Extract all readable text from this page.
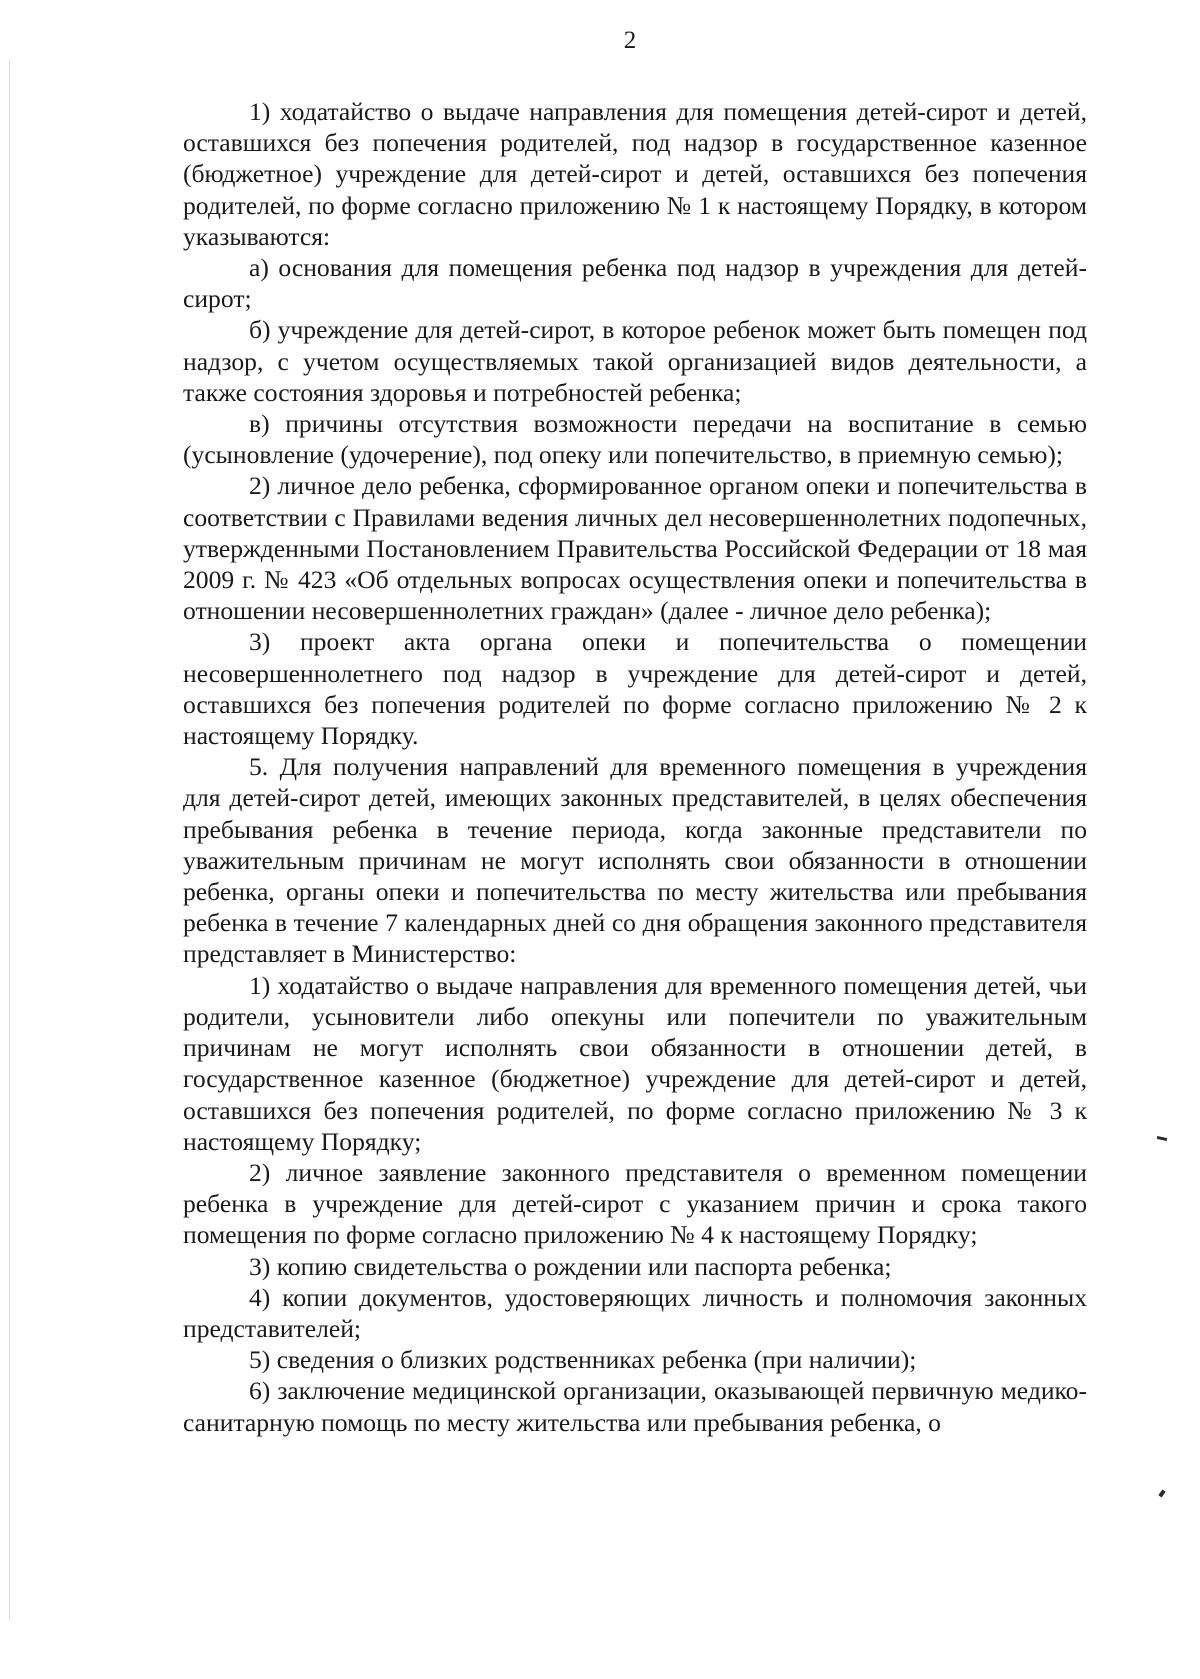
2

1) ходатайство о выдаче направления для помещения детей-сирот и детей, оставшихся без попечения родителей, под надзор в государственное казенное (бюджетное) учреждение для детей-сирот и детей, оставшихся без попечения родителей, по форме согласно приложению № 1 к настоящему Порядку, в котором указываются:

а) основания для помещения ребенка под надзор в учреждения для детей-сирот;

б) учреждение для детей-сирот, в которое ребенок может быть помещен под надзор, с учетом осуществляемых такой организацией видов деятельности, а также состояния здоровья и потребностей ребенка;

в) причины отсутствия возможности передачи на воспитание в семью (усыновление (удочерение), под опеку или попечительство, в приемную семью);

2) личное дело ребенка, сформированное органом опеки и попечительства в соответствии с Правилами ведения личных дел несовершеннолетних подопечных, утвержденными Постановлением Правительства Российской Федерации от 18 мая 2009 г. № 423 «Об отдельных вопросах осуществления опеки и попечительства в отношении несовершеннолетних граждан» (далее - личное дело ребенка);

3) проект акта органа опеки и попечительства о помещении несовершеннолетнего под надзор в учреждение для детей-сирот и детей, оставшихся без попечения родителей по форме согласно приложению № 2 к настоящему Порядку.

5. Для получения направлений для временного помещения в учреждения для детей-сирот детей, имеющих законных представителей, в целях обеспечения пребывания ребенка в течение периода, когда законные представители по уважительным причинам не могут исполнять свои обязанности в отношении ребенка, органы опеки и попечительства по месту жительства или пребывания ребенка в течение 7 календарных дней со дня обращения законного представителя представляет в Министерство:

1) ходатайство о выдаче направления для временного помещения детей, чьи родители, усыновители либо опекуны или попечители по уважительным причинам не могут исполнять свои обязанности в отношении детей, в государственное казенное (бюджетное) учреждение для детей-сирот и детей, оставшихся без попечения родителей, по форме согласно приложению № 3 к настоящему Порядку;

2) личное заявление законного представителя о временном помещении ребенка в учреждение для детей-сирот с указанием причин и срока такого помещения по форме согласно приложению № 4 к настоящему Порядку;

3) копию свидетельства о рождении или паспорта ребенка;

4) копии документов, удостоверяющих личность и полномочия законных представителей;

5) сведения о близких родственниках ребенка (при наличии);

6) заключение медицинской организации, оказывающей первичную медико-санитарную помощь по месту жительства или пребывания ребенка, о
